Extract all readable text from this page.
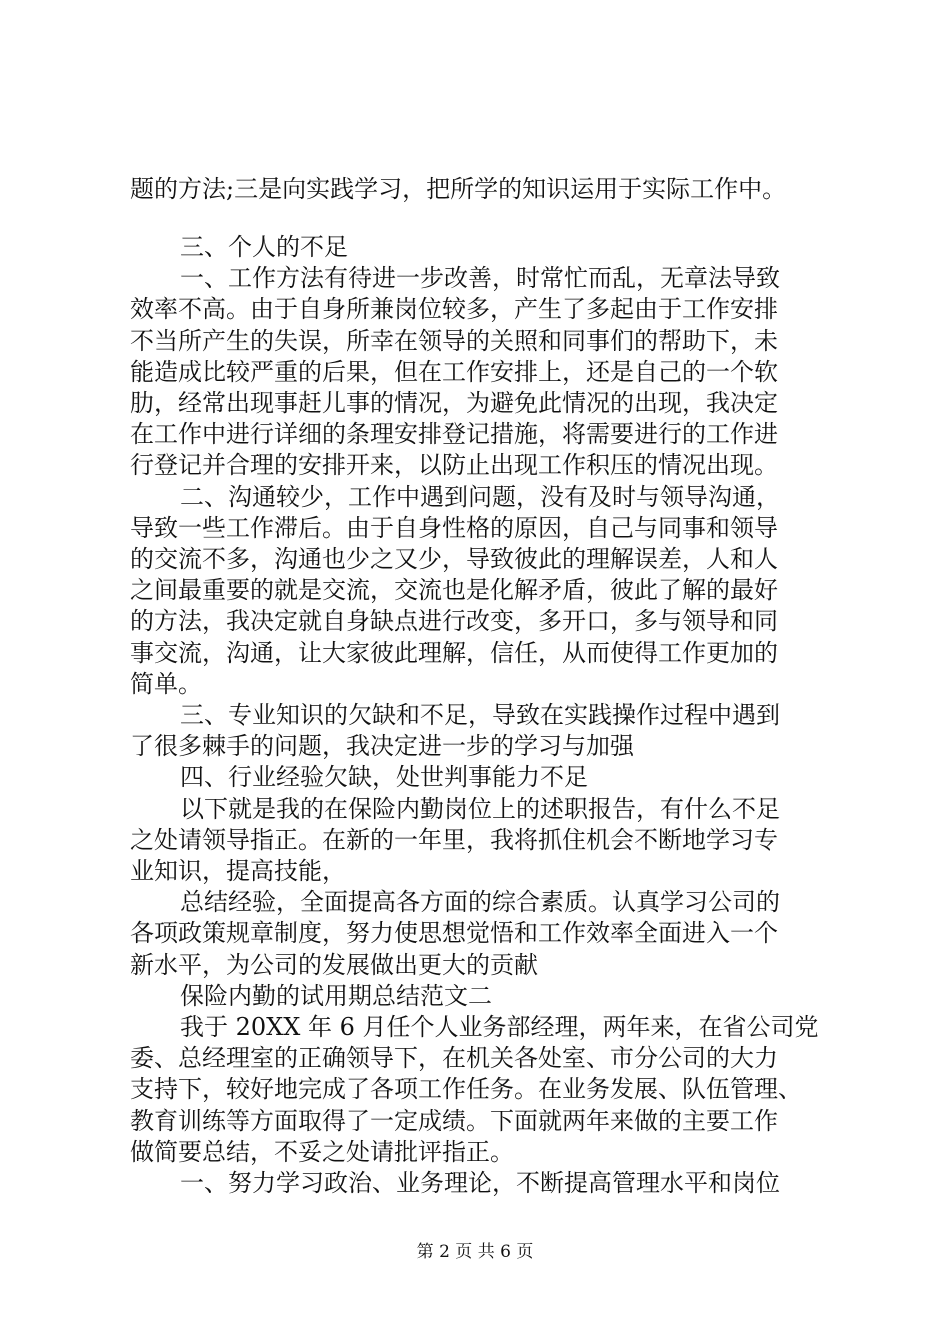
题的方法;三是向实践学习，把所学的知识运用于实际工作中。
三、个人的不足
一、工作方法有待进一步改善，时常忙而乱，无章法导致
效率不高。由于自身所兼岗位较多，产生了多起由于工作安排
不当所产生的失误，所幸在领导的关照和同事们的帮助下，未
能造成比较严重的后果，但在工作安排上，还是自己的一个软
肋，经常出现事赶儿事的情况，为避免此情况的出现，我决定
在工作中进行详细的条理安排登记措施，将需要进行的工作进
行登记并合理的安排开来，以防止出现工作积压的情况出现。
二、沟通较少，工作中遇到问题，没有及时与领导沟通，
导致一些工作滞后。由于自身性格的原因，自己与同事和领导
的交流不多，沟通也少之又少，导致彼此的理解误差，人和人
之间最重要的就是交流，交流也是化解矛盾，彼此了解的最好
的方法，我决定就自身缺点进行改变，多开口，多与领导和同
事交流，沟通，让大家彼此理解，信任，从而使得工作更加的
简单。
三、专业知识的欠缺和不足，导致在实践操作过程中遇到
了很多棘手的问题，我决定进一步的学习与加强
四、行业经验欠缺，处世判事能力不足
以下就是我的在保险内勤岗位上的述职报告，有什么不足
之处请领导指正。在新的一年里，我将抓住机会不断地学习专
业知识，提高技能，
总结经验，全面提高各方面的综合素质。认真学习公司的
各项政策规章制度，努力使思想觉悟和工作效率全面进入一个
新水平，为公司的发展做出更大的贡献
保险内勤的试用期总结范文二
我于 20XX 年 6 月任个人业务部经理，两年来，在省公司党
委、总经理室的正确领导下，在机关各处室、市分公司的大力
支持下，较好地完成了各项工作任务。在业务发展、队伍管理、
教育训练等方面取得了一定成绩。下面就两年来做的主要工作
做简要总结，不妥之处请批评指正。
一、努力学习政治、业务理论，不断提高管理水平和岗位
第 2 页 共 6 页
